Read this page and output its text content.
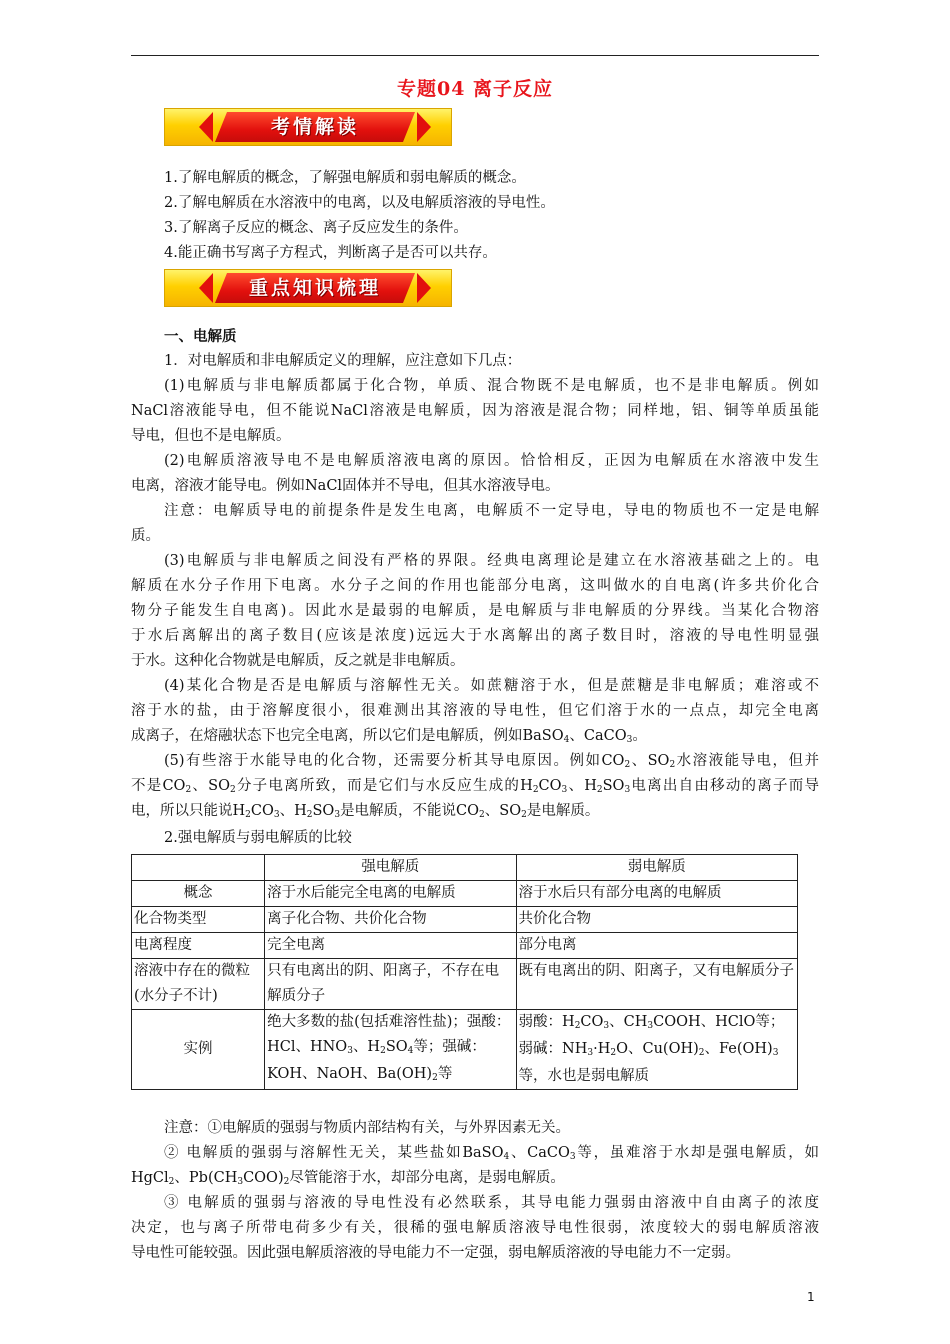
专题04 离子反应
考情解读
1.了解电解质的概念，了解强电解质和弱电解质的概念。
2.了解电解质在水溶液中的电离，以及电解质溶液的导电性。
3.了解离子反应的概念、离子反应发生的条件。
4.能正确书写离子方程式，判断离子是否可以共存。
重点知识梳理
一、电解质
1．对电解质和非电解质定义的理解，应注意如下几点：
(1)电解质与非电解质都属于化合物，单质、混合物既不是电解质，也不是非电解质。例如
NaCl溶液能导电，但不能说NaCl溶液是电解质，因为溶液是混合物；同样地，铝、铜等单质虽能
导电，但也不是电解质。
(2)电解质溶液导电不是电解质溶液电离的原因。恰恰相反，正因为电解质在水溶液中发生
电离，溶液才能导电。例如NaCl固体并不导电，但其水溶液导电。
注意：电解质导电的前提条件是发生电离，电解质不一定导电，导电的物质也不一定是电解
质。
(3)电解质与非电解质之间没有严格的界限。经典电离理论是建立在水溶液基础之上的。电
解质在水分子作用下电离。水分子之间的作用也能部分电离，这叫做水的自电离(许多共价化合
物分子能发生自电离)。因此水是最弱的电解质，是电解质与非电解质的分界线。当某化合物溶
于水后离解出的离子数目(应该是浓度)远远大于水离解出的离子数目时，溶液的导电性明显强
于水。这种化合物就是电解质，反之就是非电解质。
(4)某化合物是否是电解质与溶解性无关。如蔗糖溶于水，但是蔗糖是非电解质；难溶或不
溶于水的盐，由于溶解度很小，很难测出其溶液的导电性，但它们溶于水的一点点，却完全电离
成离子，在熔融状态下也完全电离，所以它们是电解质，例如BaSO$_4$、CaCO$_3$。
(5)有些溶于水能导电的化合物，还需要分析其导电原因。例如$CO_2$、$SO_2$水溶液能导电，但并
不是$CO_2$、$SO_2$分子电离所致，而是它们与水反应生成的$H_2CO_3$、$H_2SO_3$电离出自由移动的离子而导
电，所以只能说$H_2CO_3$、$H_2SO_3$是电解质，不能说$CO_2$、$SO_2$是电解质。
2.强电解质与弱电解质的比较
	强电解质	弱电解质
概念	溶于水后能完全电离的电解质	溶于水后只有部分电离的电解质
化合物类型	离子化合物、共价化合物	共价化合物
电离程度	完全电离	部分电离
溶液中存在的微粒(水分子不计)	只有电离出的阴、阳离子，不存在电解质分子	既有电离出的阴、阳离子，又有电解质分子
实例	绝大多数的盐(包括难溶性盐)；强酸：HCl、$HNO_3$、$H_2SO_4$等；强碱：KOH、NaOH、$Ba(OH)_2$等	弱酸：$H_2CO_3$、$CH_3COOH$、HClO等；弱碱：$NH_3\cdot H_2O$、$Cu(OH)_2$、$Fe(OH)_3$等，水也是弱电解质
注意：①电解质的强弱与物质内部结构有关，与外界因素无关。
② 电解质的强弱与溶解性无关，某些盐如BaSO$_4$、CaCO$_3$等，虽难溶于水却是强电解质，如
HgCl$_2$、$Pb(CH_3COO)_2$尽管能溶于水，却部分电离，是弱电解质。
③ 电解质的强弱与溶液的导电性没有必然联系，其导电能力强弱由溶液中自由离子的浓度
决定，也与离子所带电荷多少有关，很稀的强电解质溶液导电性很弱，浓度较大的弱电解质溶液
导电性可能较强。因此强电解质溶液的导电能力不一定强，弱电解质溶液的导电能力不一定弱。
1
